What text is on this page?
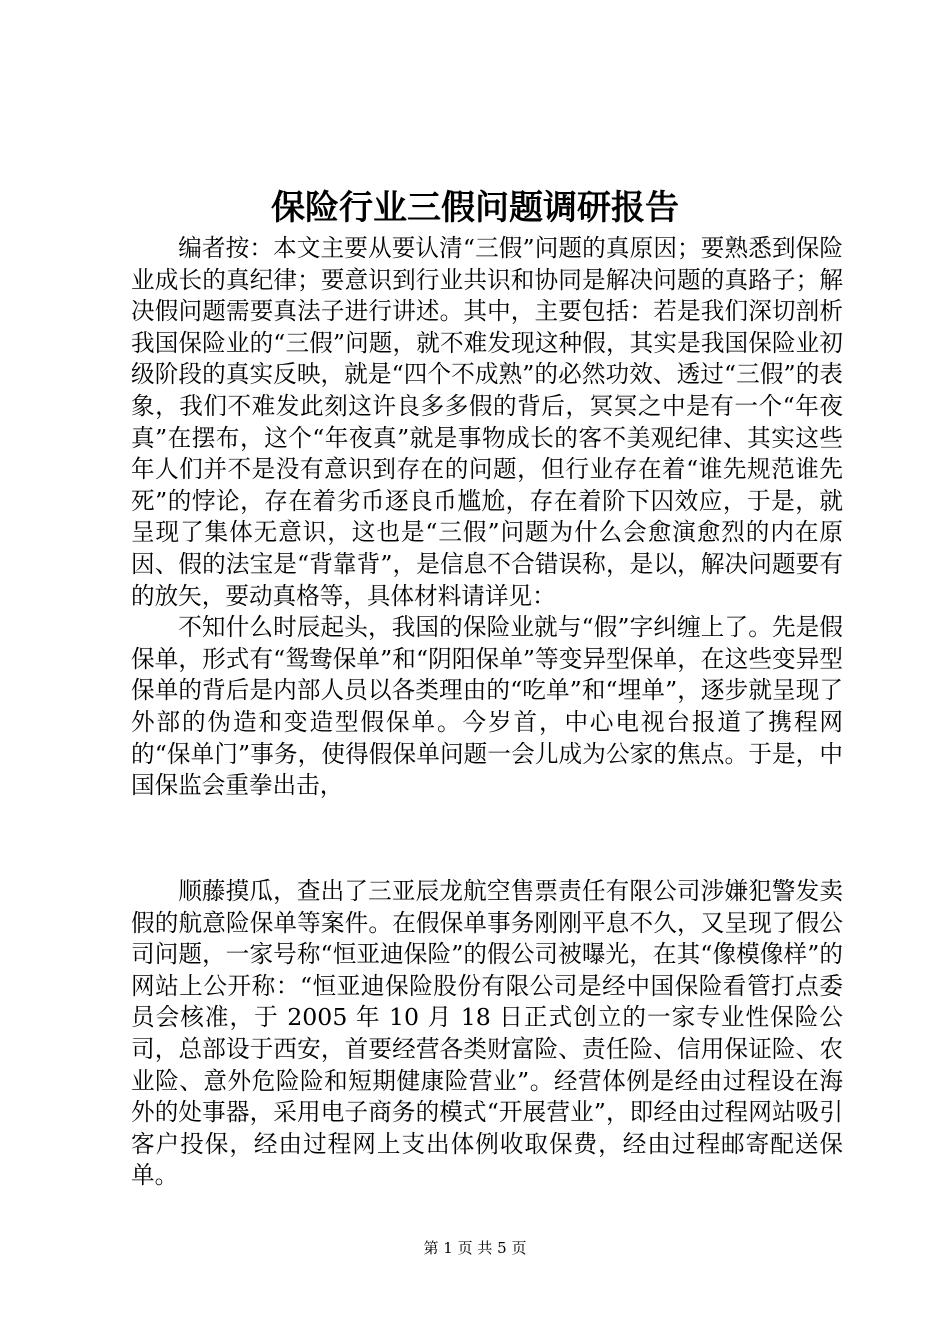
保险行业三假问题调研报告

编者按：本文主要从要认清“三假”问题的真原因；要熟悉到保险业成长的真纪律；要意识到行业共识和协同是解决问题的真路子；解决假问题需要真法子进行讲述。其中，主要包括：若是我们深切剖析我国保险业的“三假”问题，就不难发现这种假，其实是我国保险业初级阶段的真实反映，就是“四个不成熟”的必然功效、透过“三假”的表象，我们不难发此刻这许良多多假的背后，冥冥之中是有一个“年夜真”在摆布，这个“年夜真”就是事物成长的客不美观纪律、其实这些年人们并不是没有意识到存在的问题，但行业存在着“谁先规范谁先死”的悖论，存在着劣币逐良币尴尬，存在着阶下囚效应，于是，就呈现了集体无意识，这也是“三假”问题为什么会愈演愈烈的内在原因、假的法宝是“背靠背”，是信息不合错误称，是以，解决问题要有的放矢，要动真格等，具体材料请详见：

不知什么时辰起头，我国的保险业就与“假”字纠缠上了。先是假保单，形式有“鸳鸯保单”和“阴阳保单”等变异型保单，在这些变异型保单的背后是内部人员以各类理由的“吃单”和“埋单”，逐步就呈现了外部的伪造和变造型假保单。今岁首，中心电视台报道了携程网的“保单门”事务，使得假保单问题一会儿成为公家的焦点。于是，中国保监会重拳出击，

顺藤摸瓜，查出了三亚辰龙航空售票责任有限公司涉嫌犯警发卖假的航意险保单等案件。在假保单事务刚刚平息不久，又呈现了假公司问题，一家号称“恒亚迪保险”的假公司被曝光，在其“像模像样”的网站上公开称：“恒亚迪保险股份有限公司是经中国保险看管打点委员会核准，于 2005 年 10 月 18 日正式创立的一家专业性保险公司，总部设于西安，首要经营各类财富险、责任险、信用保证险、农业险、意外危险险和短期健康险营业”。经营体例是经由过程设在海外的处事器，采用电子商务的模式“开展营业”，即经由过程网站吸引客户投保，经由过程网上支出体例收取保费，经由过程邮寄配送保单。

第 1 页 共 5 页
